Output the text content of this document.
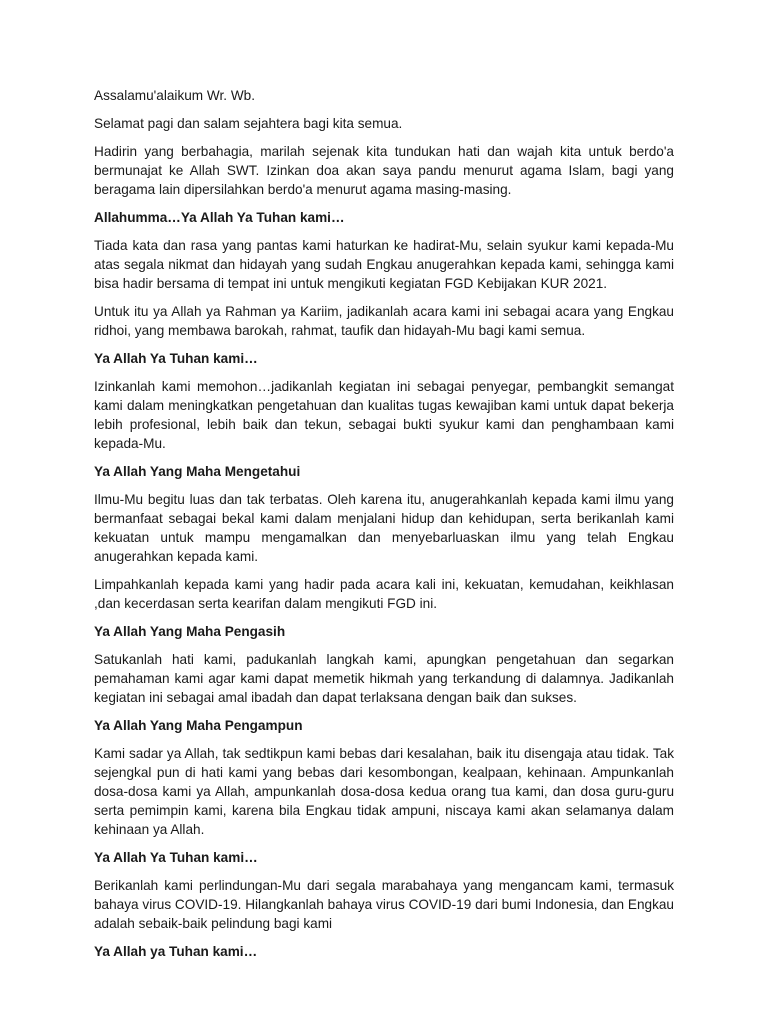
Assalamu'alaikum Wr. Wb.

Selamat pagi dan salam sejahtera bagi kita semua.

Hadirin yang berbahagia, marilah sejenak kita tundukan hati dan wajah kita untuk berdo'a bermunajat ke Allah SWT. Izinkan doa akan saya pandu menurut agama Islam, bagi yang beragama lain dipersilahkan berdo'a menurut agama masing-masing.

Allahumma…Ya Allah Ya Tuhan kami…

Tiada kata dan rasa yang pantas kami haturkan ke hadirat-Mu, selain syukur kami kepada-Mu atas segala nikmat dan hidayah yang sudah Engkau anugerahkan kepada kami, sehingga kami bisa hadir bersama di tempat ini untuk mengikuti kegiatan FGD Kebijakan KUR 2021.

Untuk itu ya Allah ya Rahman ya Kariim, jadikanlah acara kami ini sebagai acara yang Engkau ridhoi, yang membawa barokah, rahmat, taufik dan hidayah-Mu bagi kami semua.

Ya Allah Ya Tuhan kami…

Izinkanlah kami memohon…jadikanlah kegiatan ini sebagai penyegar, pembangkit semangat kami dalam meningkatkan pengetahuan dan kualitas tugas kewajiban kami untuk dapat bekerja lebih profesional, lebih baik dan tekun, sebagai bukti syukur kami dan penghambaan kami kepada-Mu.

Ya Allah Yang Maha Mengetahui

Ilmu-Mu begitu luas dan tak terbatas. Oleh karena itu, anugerahkanlah kepada kami ilmu yang bermanfaat sebagai bekal kami dalam menjalani hidup dan kehidupan, serta berikanlah kami kekuatan untuk mampu mengamalkan dan menyebarluaskan ilmu yang telah Engkau anugerahkan kepada kami.

Limpahkanlah kepada kami yang hadir pada acara kali ini, kekuatan, kemudahan, keikhlasan ,dan kecerdasan serta kearifan dalam mengikuti FGD ini.

Ya Allah Yang Maha Pengasih

Satukanlah hati kami, padukanlah langkah kami, apungkan pengetahuan dan segarkan pemahaman kami agar kami dapat memetik hikmah yang terkandung di dalamnya. Jadikanlah kegiatan ini sebagai amal ibadah dan dapat terlaksana dengan baik dan sukses.

Ya Allah Yang Maha Pengampun

Kami sadar ya Allah, tak sedtikpun kami bebas dari kesalahan, baik itu disengaja atau tidak. Tak sejengkal pun di hati kami yang bebas dari kesombongan, kealpaan, kehinaan. Ampunkanlah dosa-dosa kami ya Allah, ampunkanlah dosa-dosa kedua orang tua kami, dan dosa guru-guru serta pemimpin kami, karena bila Engkau tidak ampuni, niscaya kami akan selamanya dalam kehinaan ya Allah.

Ya Allah Ya Tuhan kami…

Berikanlah kami perlindungan-Mu dari segala marabahaya yang mengancam kami, termasuk bahaya virus COVID-19. Hilangkanlah bahaya virus COVID-19 dari bumi Indonesia, dan Engkau adalah sebaik-baik pelindung bagi kami

Ya Allah ya Tuhan kami…
